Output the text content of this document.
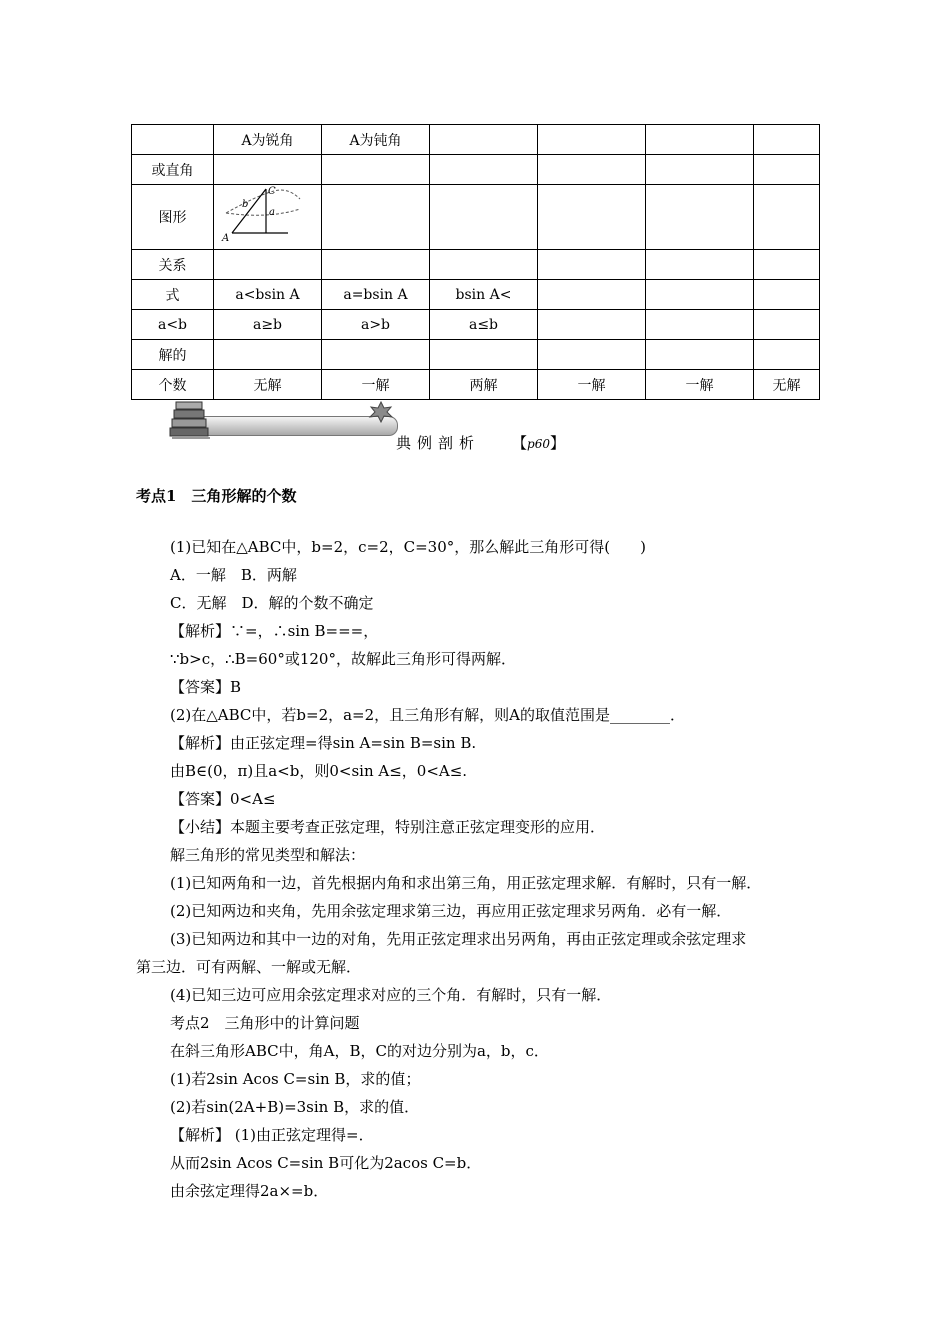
	A为锐角	A为钝角				
或直角						
图形	C
b
a
A					

关系						
式	a<bsin A	a=bsin A	bsin A<			
a<b	a≥b	a>b	a≤b			
解的						
个数	无解	一解	两解	一解	一解	无解
典例剖析 【p60】
考点1　三角形解的个数
(1)已知在△ABC中，b=2，c=2，C=30°，那么解此三角形可得(　　)
A．一解　B．两解
C．无解　D．解的个数不确定
【解析】∵=，∴sin B===，
∵b>c，∴B=60°或120°，故解此三角形可得两解．
【答案】B
(2)在△ABC中，若b=2，a=2，且三角形有解，则A的取值范围是________．
【解析】由正弦定理=得sin A=sin B=sin B.
由B∈(0，π)且a<b，则0<sin A≤，0<A≤.
【答案】0<A≤
【小结】本题主要考查正弦定理，特别注意正弦定理变形的应用．
解三角形的常见类型和解法：
(1)已知两角和一边，首先根据内角和求出第三角，用正弦定理求解．有解时，只有一解．
(2)已知两边和夹角，先用余弦定理求第三边，再应用正弦定理求另两角．必有一解．
(3)已知两边和其中一边的对角，先用正弦定理求出另两角，再由正弦定理或余弦定理求
第三边．可有两解、一解或无解．
(4)已知三边可应用余弦定理求对应的三个角．有解时，只有一解．
考点2　三角形中的计算问题
在斜三角形ABC中，角A，B，C的对边分别为a，b，c．
(1)若2sin Acos C=sin B，求的值；
(2)若sin(2A+B)=3sin B，求的值．
【解析】 (1)由正弦定理得=．
从而2sin Acos C=sin B可化为2acos C=b．
由余弦定理得2a×=b．
